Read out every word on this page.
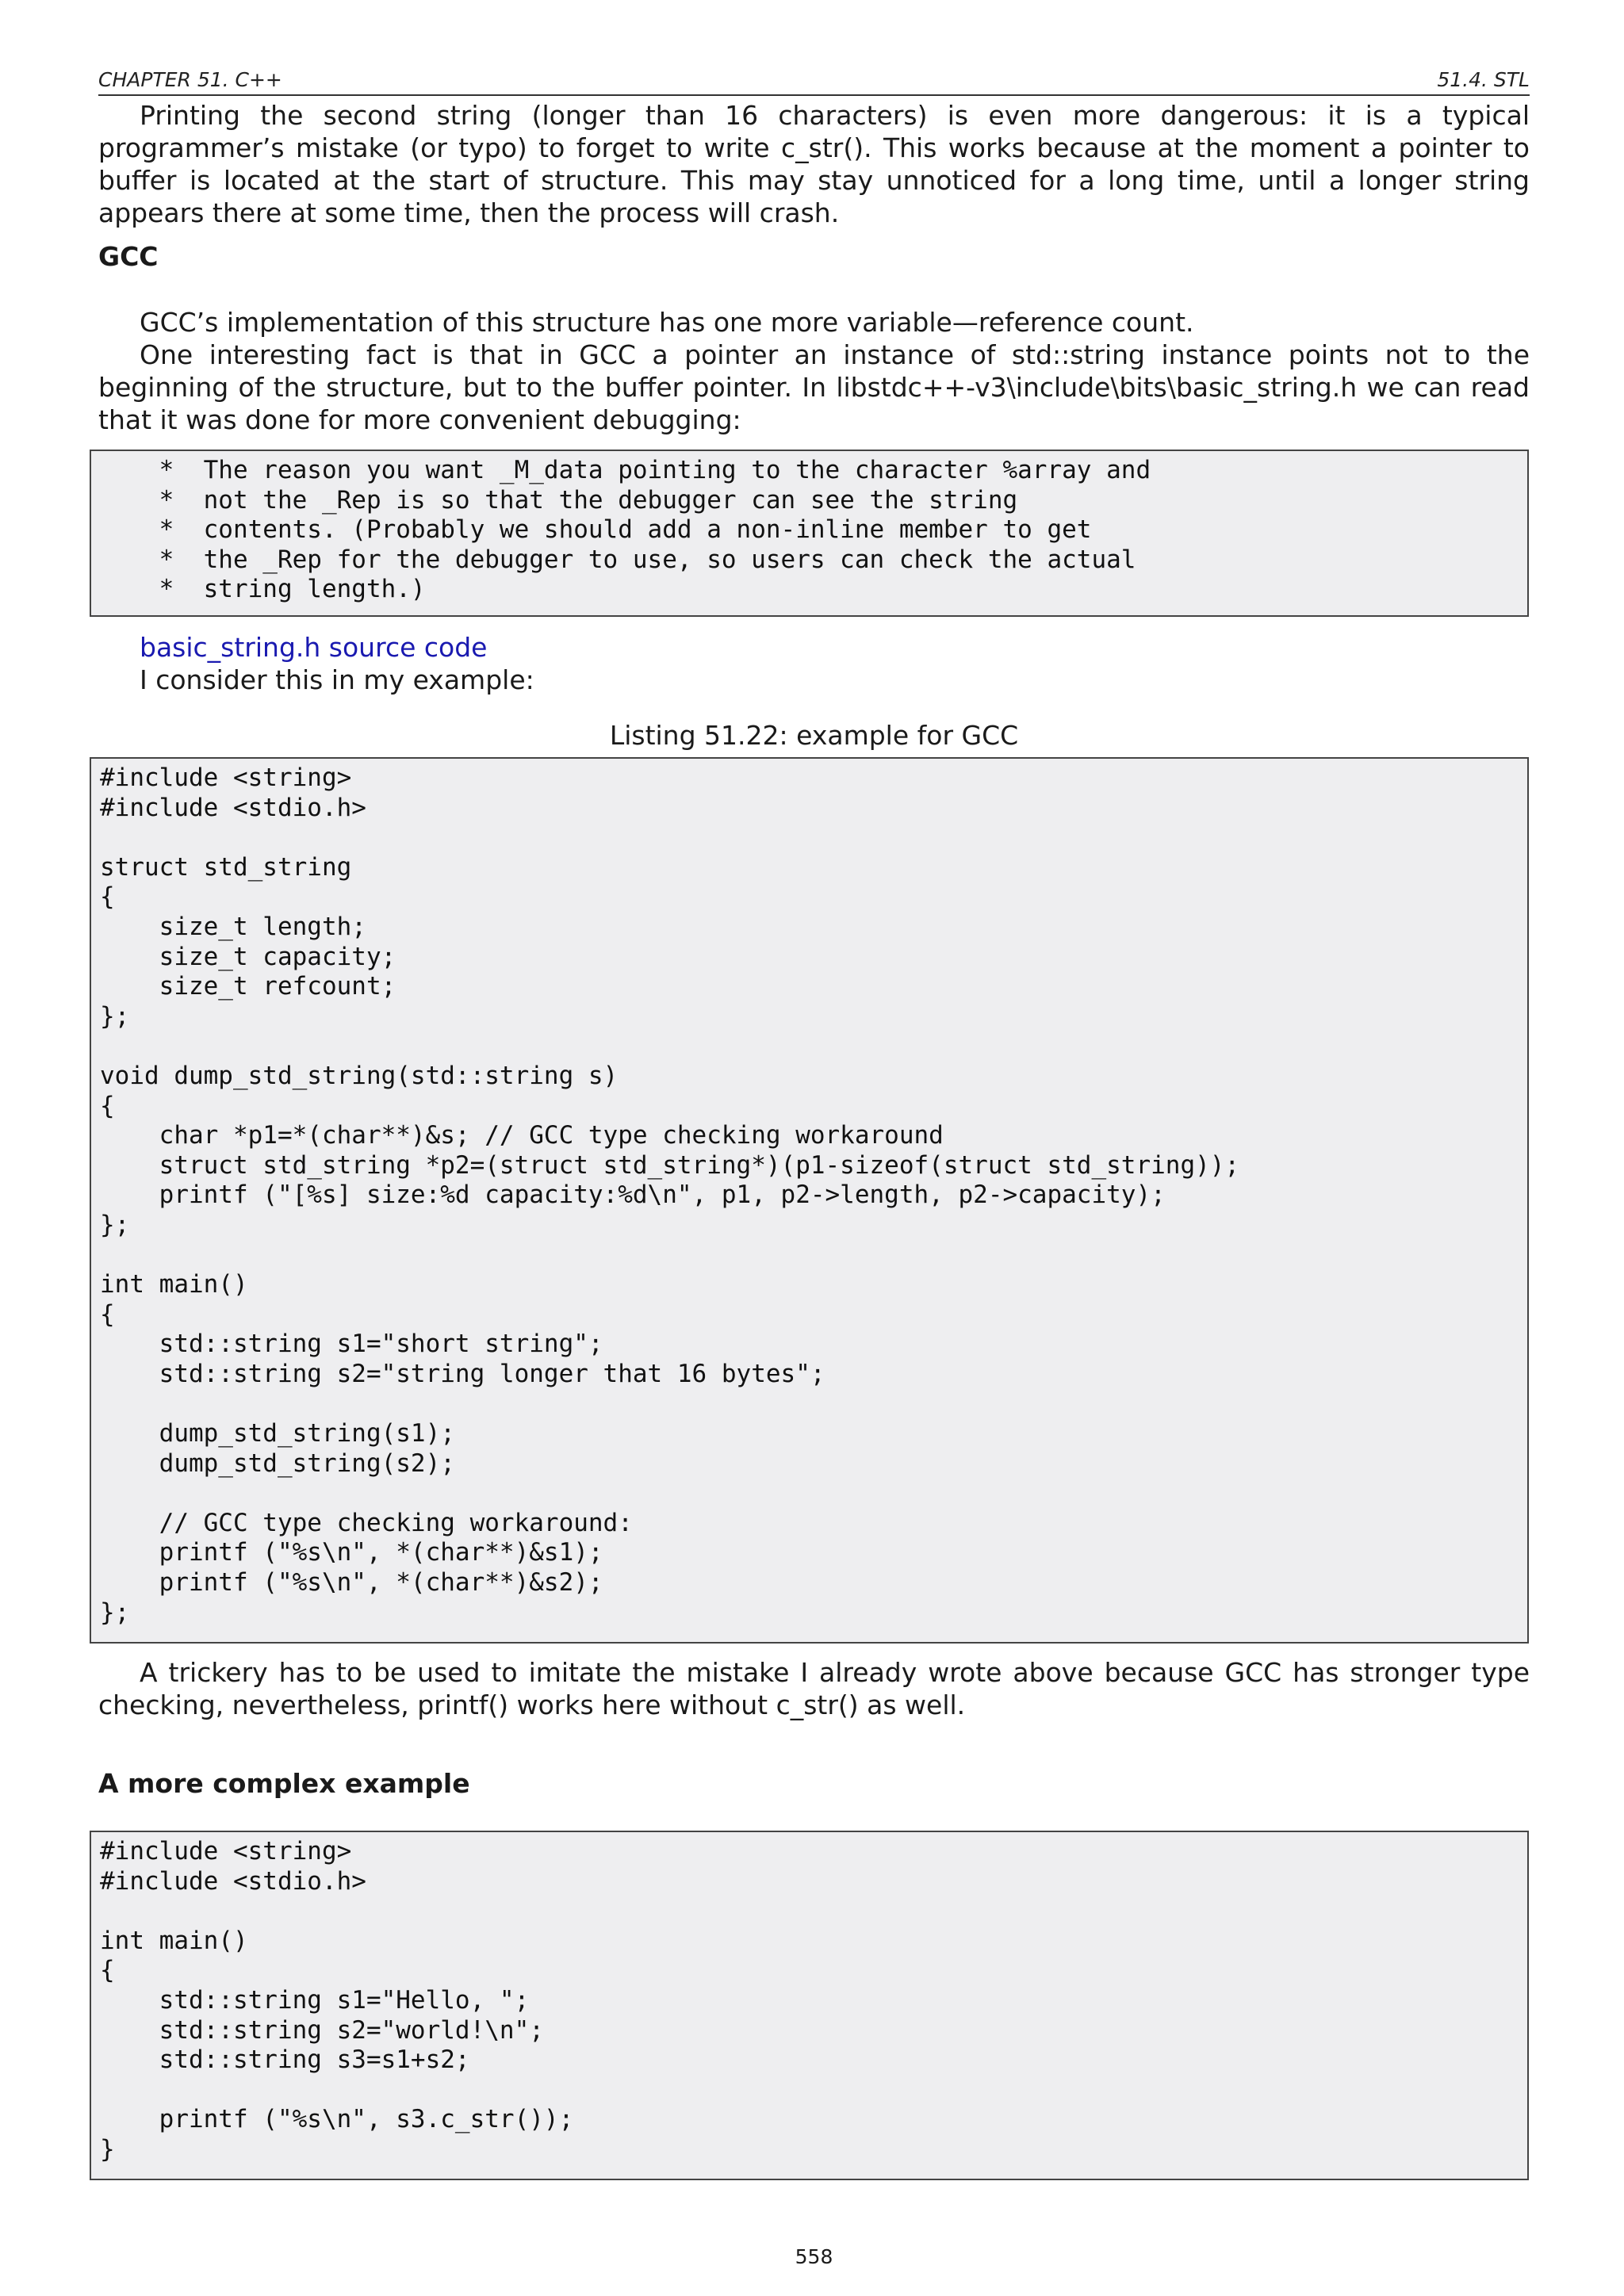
CHAPTER 51. C++	51.4. STL

Printing the second string (longer than 16 characters) is even more dangerous: it is a typical programmer’s mistake (or typo) to forget to write c_str(). This works because at the moment a pointer to buffer is located at the start of structure. This may stay unnoticed for a long time, until a longer string appears there at some time, then the process will crash.

GCC

GCC’s implementation of this structure has one more variable—reference count.

One interesting fact is that in GCC a pointer an instance of std::string instance points not to the beginning of the structure, but to the buffer pointer. In libstdc++-v3\include\bits\basic_string.h we can read that it was done for more convenient debugging:

*  The reason you want _M_data pointing to the character %array and
*  not the _Rep is so that the debugger can see the string
*  contents. (Probably we should add a non-inline member to get
*  the _Rep for the debugger to use, so users can check the actual
*  string length.)

basic_string.h source code

I consider this in my example:

Listing 51.22: example for GCC

#include <string>
#include <stdio.h>

struct std_string
{
size_t length;
size_t capacity;
size_t refcount;
};

void dump_std_string(std::string s)
{
char *p1=*(char**)&s; // GCC type checking workaround
struct std_string *p2=(struct std_string*)(p1-sizeof(struct std_string));
printf ("[%s] size:%d capacity:%d\n", p1, p2->length, p2->capacity);
};

int main()
{
std::string s1="short string";
std::string s2="string longer that 16 bytes";

dump_std_string(s1);
dump_std_string(s2);

// GCC type checking workaround:
printf ("%s\n", *(char**)&s1);
printf ("%s\n", *(char**)&s2);
};

A trickery has to be used to imitate the mistake I already wrote above because GCC has stronger type checking, nevertheless, printf() works here without c_str() as well.

A more complex example
#include <string>
#include <stdio.h>

int main()
{
std::string s1="Hello, ";
std::string s2="world!\n";
std::string s3=s1+s2;

printf ("%s\n", s3.c_str());
}

558
